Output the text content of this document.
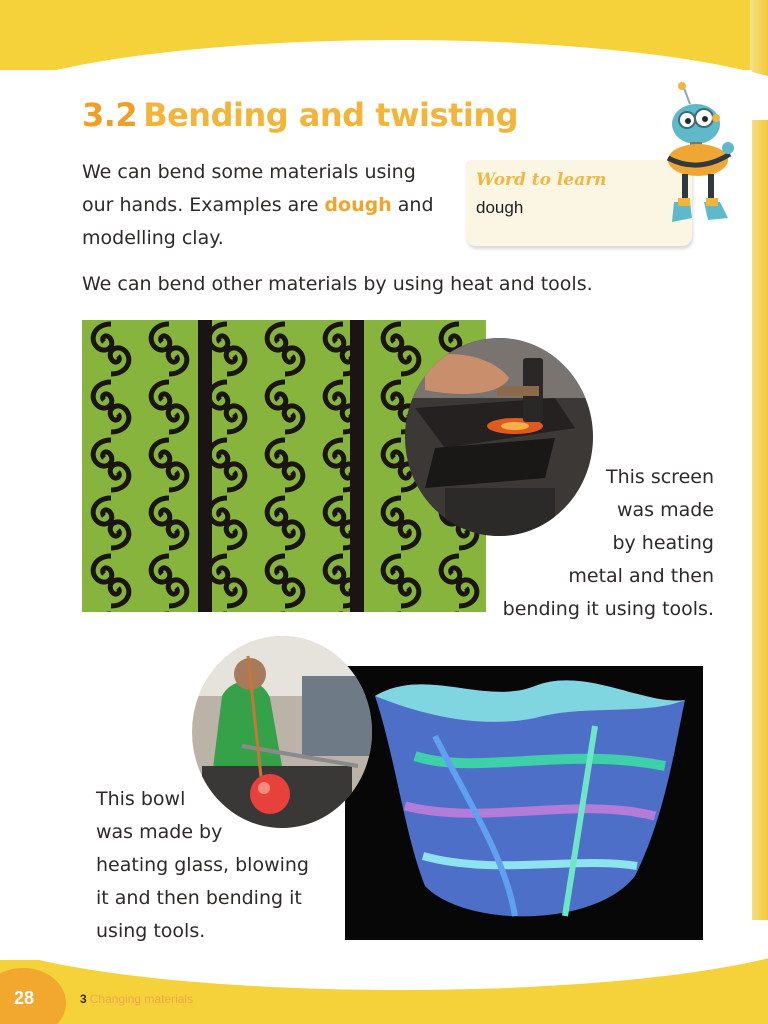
3.2 Bending and twisting

We can bend some materials using our hands. Examples are dough and modelling clay.

We can bend other materials by using heat and tools.

Word to learn
dough
This screen
was made
by heating
metal and then
bending it using tools.
This bowl
was made by
heating glass, blowing
it and then bending it
using tools.
28	3 Changing materials
